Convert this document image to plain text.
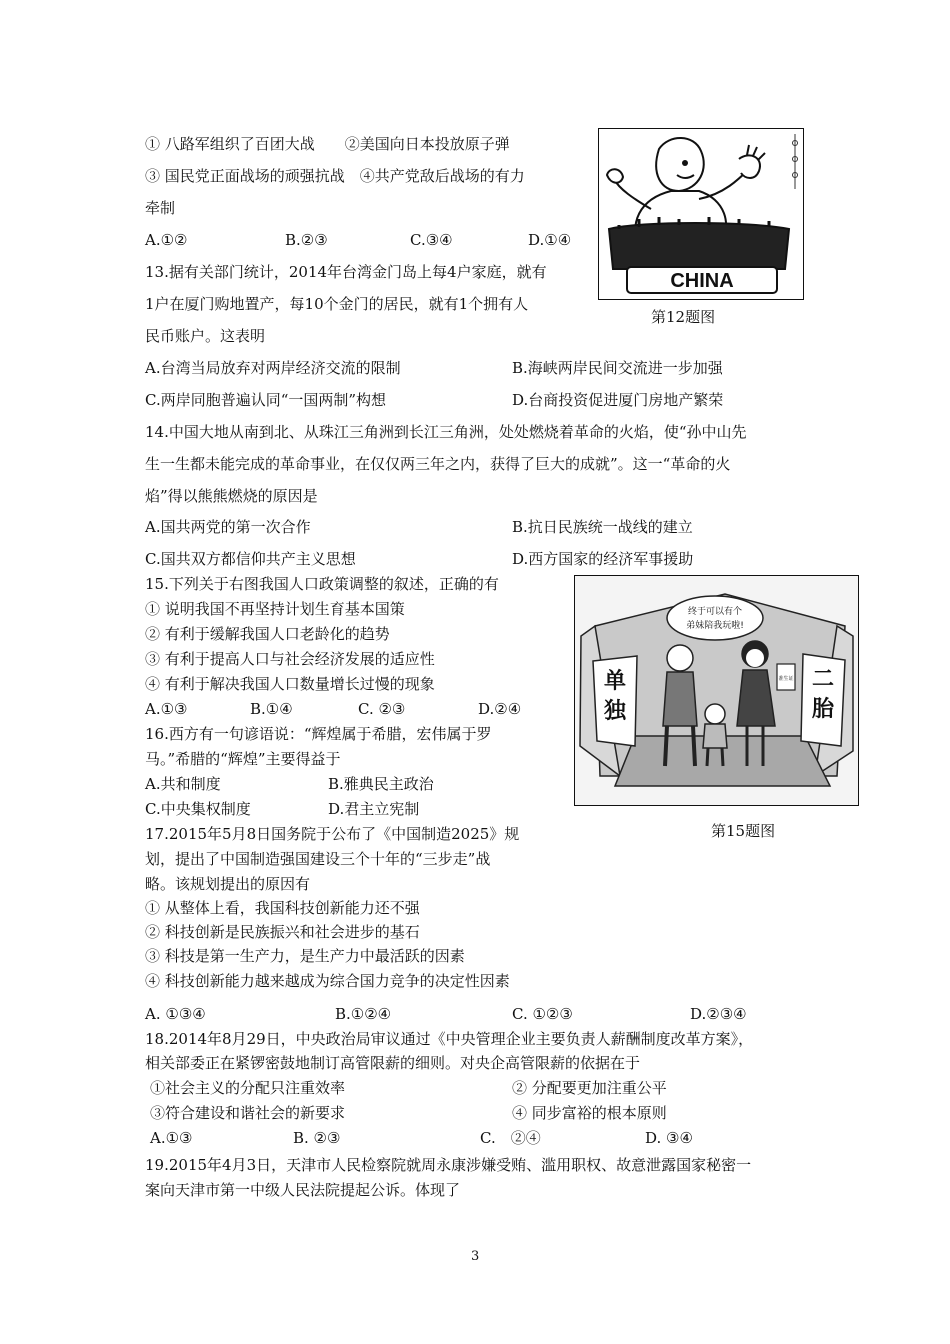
① 八路军组织了百团大战　　②美国向日本投放原子弹
③ 国民党正面战场的顽强抗战　④共产党敌后战场的有力
牵制
A.①②	B.②③	C.③④	D.①④
CHINA
第12题图
13.据有关部门统计，2014年台湾金门岛上每4户家庭，就有
1户在厦门购地置产，每10个金门的居民，就有1个拥有人
民币账户。这表明
A.台湾当局放弃对两岸经济交流的限制	B.海峡两岸民间交流进一步加强
C.两岸同胞普遍认同“一国两制”构想	D.台商投资促进厦门房地产繁荣
14.中国大地从南到北、从珠江三角洲到长江三角洲，处处燃烧着革命的火焰，使“孙中山先
生一生都未能完成的革命事业，在仅仅两三年之内，获得了巨大的成就”。这一“革命的火
焰”得以熊熊燃烧的原因是
A.国共两党的第一次合作	B.抗日民族统一战线的建立
C.国共双方都信仰共产主义思想	D.西方国家的经济军事援助
15.下列关于右图我国人口政策调整的叙述，正确的有
① 说明我国不再坚持计划生育基本国策
② 有利于缓解我国人口老龄化的趋势
③ 有利于提高人口与社会经济发展的适应性
④ 有利于解决我国人口数量增长过慢的现象
A.①③	B.①④	C. ②③	D.②④
单
独
二
胎
终于可以有个
弟妹陪我玩啦!
准生证
第15题图
16.西方有一句谚语说：“辉煌属于希腊，宏伟属于罗
马。”希腊的“辉煌”主要得益于
A.共和制度	B.雅典民主政治
C.中央集权制度	D.君主立宪制
17.2015年5月8日国务院于公布了《中国制造2025》规
划，提出了中国制造强国建设三个十年的“三步走”战
略。该规划提出的原因有
① 从整体上看，我国科技创新能力还不强
② 科技创新是民族振兴和社会进步的基石
③ 科技是第一生产力，是生产力中最活跃的因素
④ 科技创新能力越来越成为综合国力竞争的决定性因素
A. ①③④	B.①②④	C. ①②③	D.②③④
18.2014年8月29日，中央政治局审议通过《中央管理企业主要负责人薪酬制度改革方案》，
相关部委正在紧锣密鼓地制订高管限薪的细则。对央企高管限薪的依据在于
①社会主义的分配只注重效率	② 分配要更加注重公平
③符合建设和谐社会的新要求	④ 同步富裕的根本原则
A.①③	B. ②③	C.　②④	D. ③④
19.2015年4月3日，天津市人民检察院就周永康涉嫌受贿、滥用职权、故意泄露国家秘密一
案向天津市第一中级人民法院提起公诉。体现了
3
